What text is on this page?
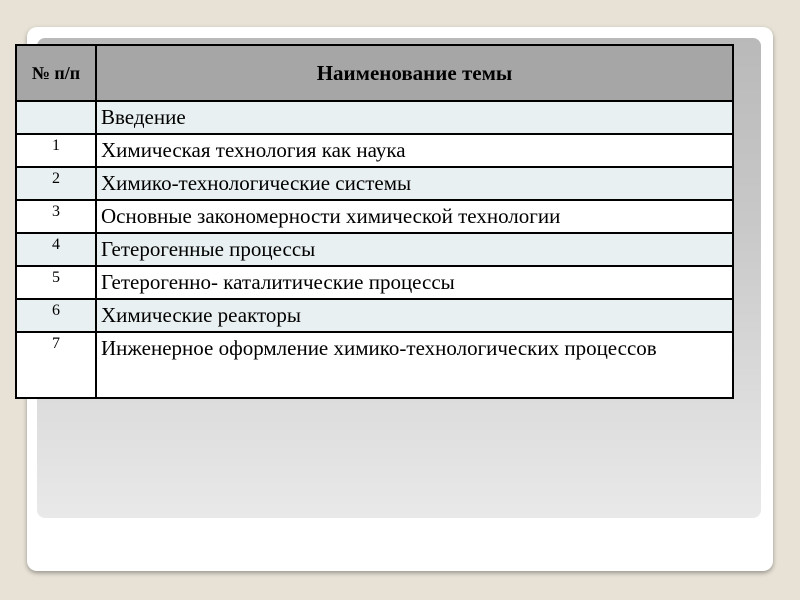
№ п/п	Наименование темы
	Введение
1	Химическая технология как наука
2	Химико-технологические системы
3	Основные закономерности химической технологии
4	Гетерогенные процессы
5	Гетерогенно- каталитические процессы
6	Химические реакторы
7	Инженерное оформление химико-технологических процессов
